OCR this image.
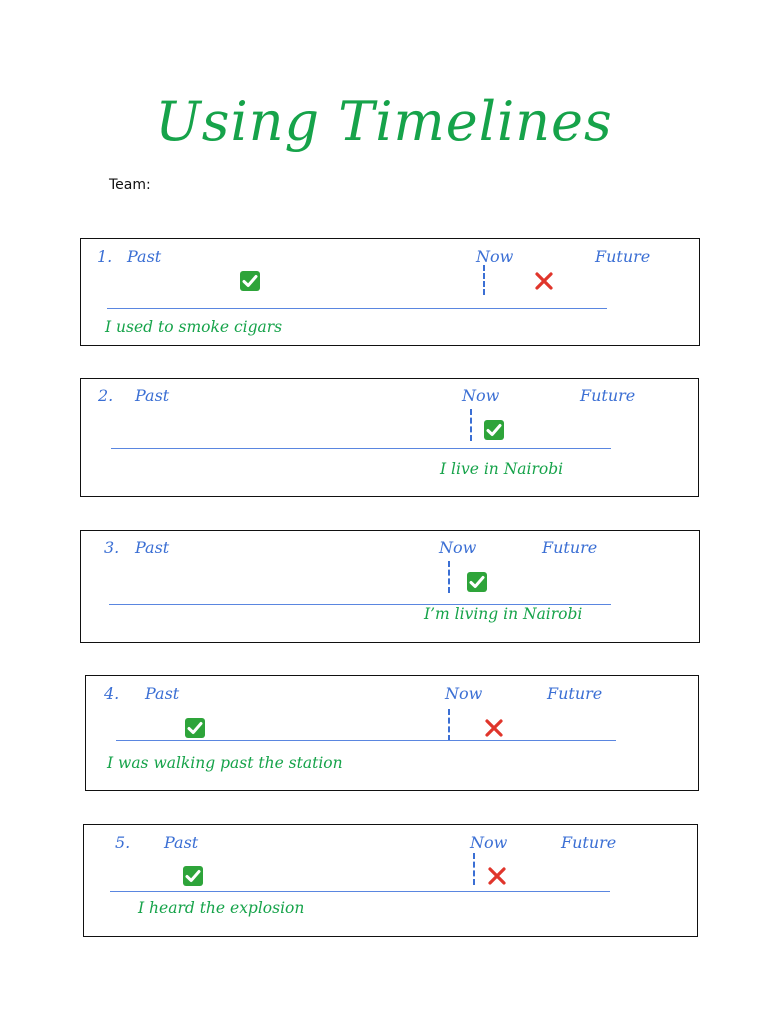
Using Timelines
Team:
1. Past	Now	Future
I used to smoke cigars
2. Past	Now	Future
I live in Nairobi
3. Past	Now	Future
I’m living in Nairobi
4. Past	Now	Future
I was walking past the station
5. Past	Now	Future
I heard the explosion
